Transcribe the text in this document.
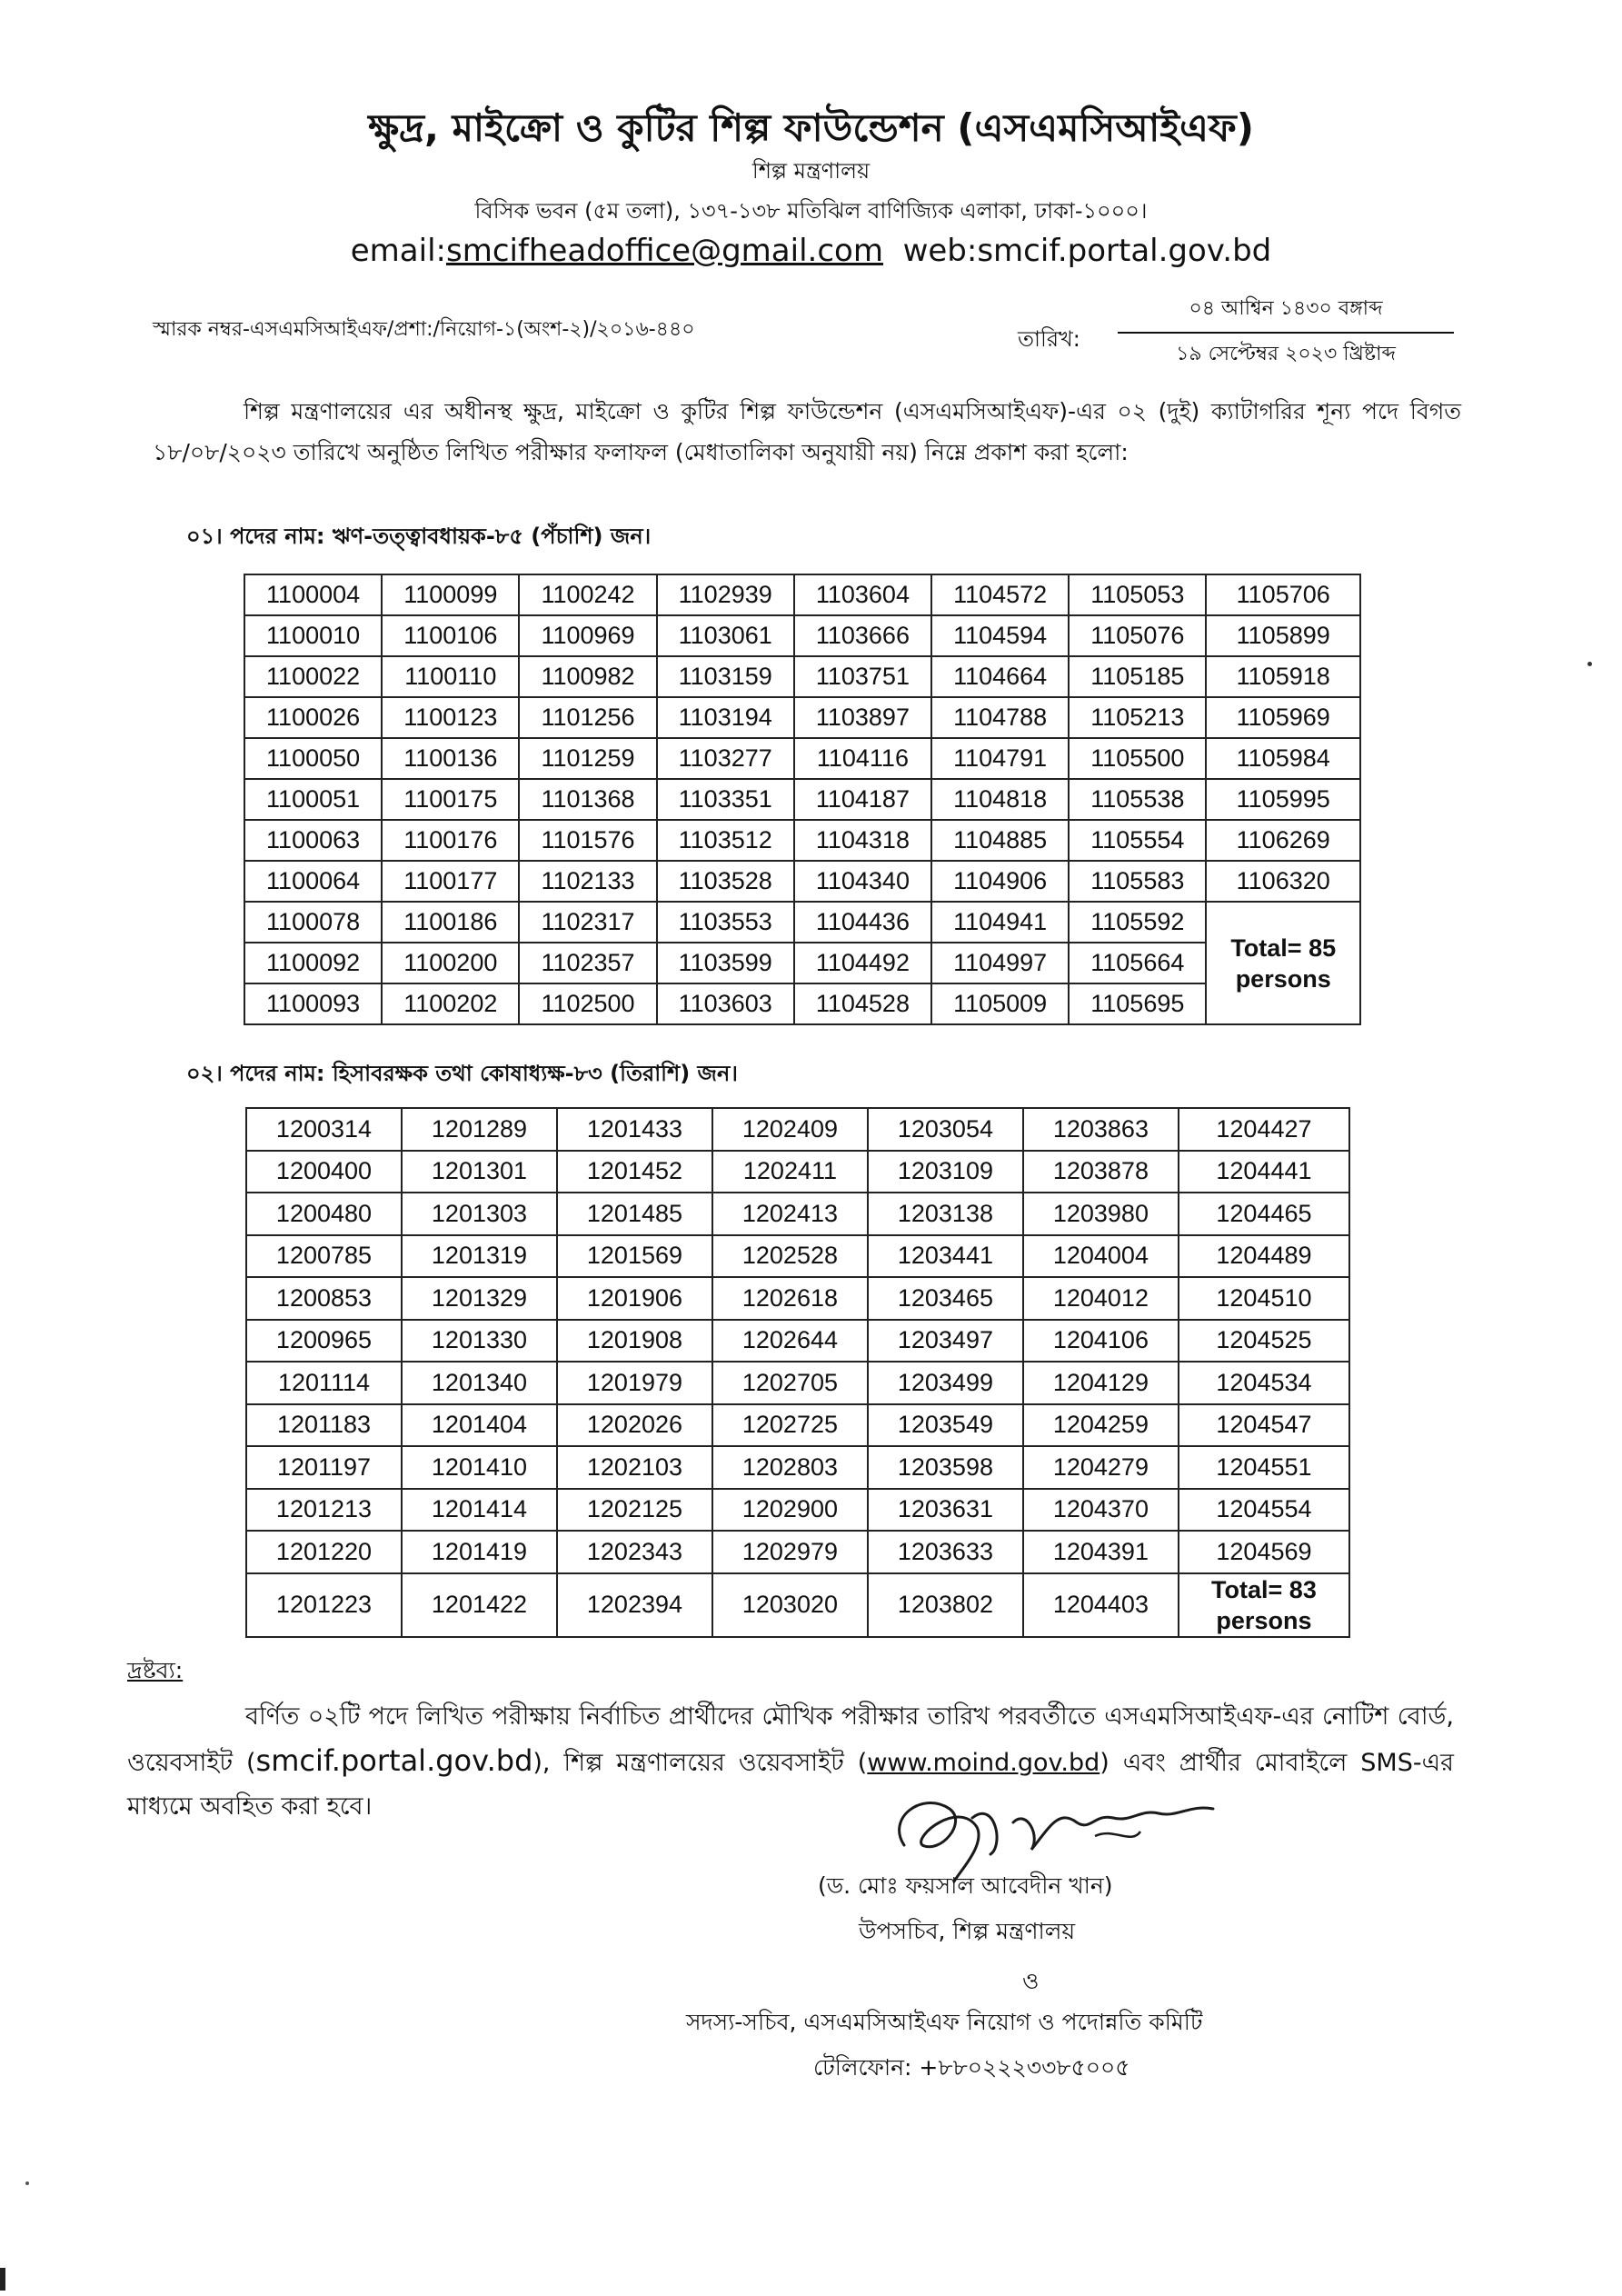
ক্ষুদ্র, মাইক্রো ও কুটির শিল্প ফাউন্ডেশন (এসএমসিআইএফ)
শিল্প মন্ত্রণালয়
বিসিক ভবন (৫ম তলা), ১৩৭-১৩৮ মতিঝিল বাণিজ্যিক এলাকা, ঢাকা-১০০০।
email:smcifheadoffice@gmail.com web:smcif.portal.gov.bd
স্মারক নম্বর-এসএমসিআইএফ/প্রশা:/নিয়োগ-১(অংশ-২)/২০১৬-৪৪০	তারিখ:
০৪ আশ্বিন ১৪৩০ বঙ্গাব্দ
১৯ সেপ্টেম্বর ২০২৩ খ্রিষ্টাব্দ
শিল্প মন্ত্রণালয়ের এর অধীনস্থ ক্ষুদ্র, মাইক্রো ও কুটির শিল্প ফাউন্ডেশন (এসএমসিআইএফ)-এর ০২ (দুই) ক্যাটাগরির শূন্য পদে বিগত ১৮/০৮/২০২৩ তারিখে অনুষ্ঠিত লিখিত পরীক্ষার ফলাফল (মেধাতালিকা অনুযায়ী নয়) নিম্নে প্রকাশ করা হলো:
০১। পদের নাম: ঋণ-তত্ত্বাবধায়ক-৮৫ (পঁচাশি) জন।
1100004	1100099	1100242	1102939	1103604	1104572	1105053	1105706
1100010	1100106	1100969	1103061	1103666	1104594	1105076	1105899
1100022	1100110	1100982	1103159	1103751	1104664	1105185	1105918
1100026	1100123	1101256	1103194	1103897	1104788	1105213	1105969
1100050	1100136	1101259	1103277	1104116	1104791	1105500	1105984
1100051	1100175	1101368	1103351	1104187	1104818	1105538	1105995
1100063	1100176	1101576	1103512	1104318	1104885	1105554	1106269
1100064	1100177	1102133	1103528	1104340	1104906	1105583	1106320
1100078	1100186	1102317	1103553	1104436	1104941	1105592	Total= 85
persons

1100092	1100200	1102357	1103599	1104492	1104997	1105664	
1100093	1100202	1102500	1103603	1104528	1105009	1105695	
০২। পদের নাম: হিসাবরক্ষক তথা কোষাধ্যক্ষ-৮৩ (তিরাশি) জন।
1200314	1201289	1201433	1202409	1203054	1203863	1204427
1200400	1201301	1201452	1202411	1203109	1203878	1204441
1200480	1201303	1201485	1202413	1203138	1203980	1204465
1200785	1201319	1201569	1202528	1203441	1204004	1204489
1200853	1201329	1201906	1202618	1203465	1204012	1204510
1200965	1201330	1201908	1202644	1203497	1204106	1204525
1201114	1201340	1201979	1202705	1203499	1204129	1204534
1201183	1201404	1202026	1202725	1203549	1204259	1204547
1201197	1201410	1202103	1202803	1203598	1204279	1204551
1201213	1201414	1202125	1202900	1203631	1204370	1204554
1201220	1201419	1202343	1202979	1203633	1204391	1204569
1201223	1201422	1202394	1203020	1203802	1204403	Total= 83
persons
দ্রষ্টব্য:
বর্ণিত ০২টি পদে লিখিত পরীক্ষায় নির্বাচিত প্রার্থীদের মৌখিক পরীক্ষার তারিখ পরবর্তীতে এসএমসিআইএফ-এর নোটিশ বোর্ড, ওয়েবসাইট (smcif.portal.gov.bd), শিল্প মন্ত্রণালয়ের ওয়েবসাইট (www.moind.gov.bd) এবং প্রার্থীর মোবাইলে SMS-এর মাধ্যমে অবহিত করা হবে।
(ড. মোঃ ফয়সাল আবেদীন খান)
উপসচিব, শিল্প মন্ত্রণালয়
ও
সদস্য-সচিব, এসএমসিআইএফ নিয়োগ ও পদোন্নতি কমিটি
টেলিফোন: +৮৮০২২২৩৩৮৫০০৫
